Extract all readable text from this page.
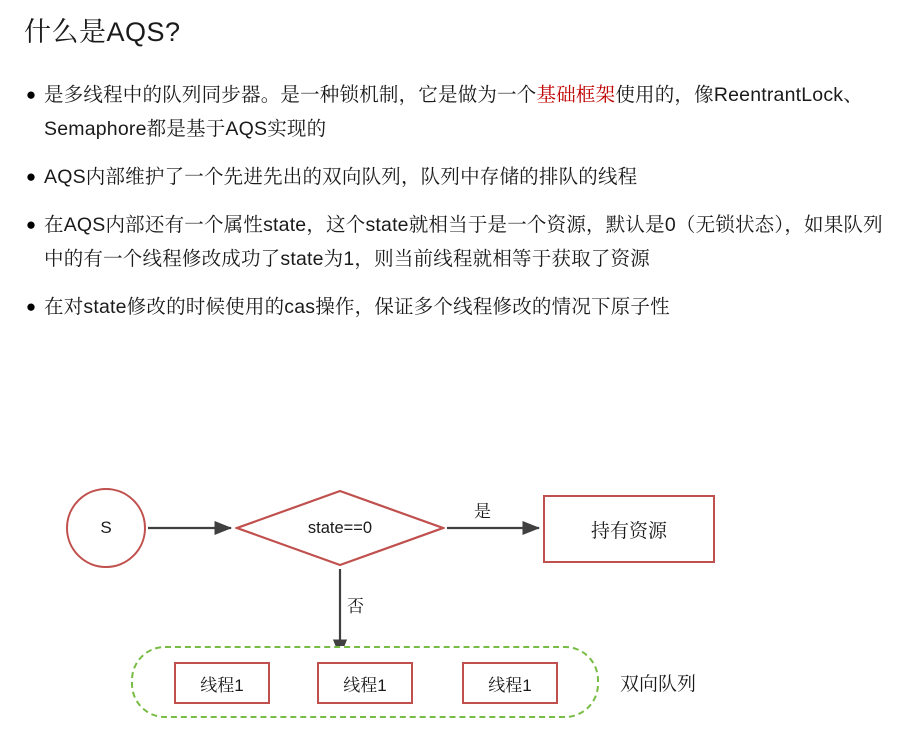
什么是AQS?
● 是多线程中的队列同步器。是一种锁机制，它是做为一个基础框架使用的，像ReentrantLock、Semaphore都是基于AQS实现的
● AQS内部维护了一个先进先出的双向队列，队列中存储的排队的线程
● 在AQS内部还有一个属性state，这个state就相当于是一个资源，默认是0（无锁状态），如果队列中的有一个线程修改成功了state为1，则当前线程就相等于获取了资源
● 在对state修改的时候使用的cas操作，保证多个线程修改的情况下原子性
S	state==0	持有资源
是
否
线程1	线程1	线程1	双向队列
